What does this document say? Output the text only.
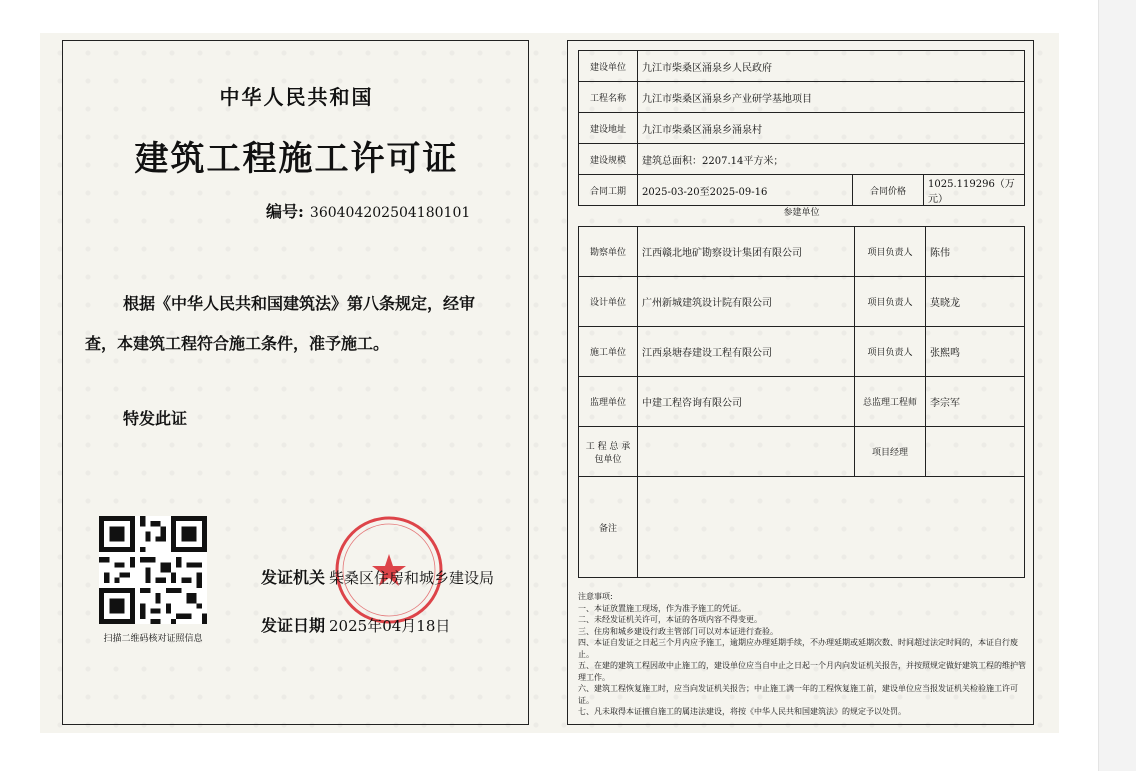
中华人民共和国
建筑工程施工许可证
编号: 360404202504180101
根据《中华人民共和国建筑法》第八条规定，经审
查，本建筑工程符合施工条件，准予施工。
特发此证
扫描二维码核对证照信息
发证机关 柴桑区住房和城乡建设局
发证日期 2025年04月18日
建设单位	九江市柴桑区涌泉乡人民政府		
工程名称	九江市柴桑区涌泉乡产业研学基地项目		
建设地址	九江市柴桑区涌泉乡涌泉村		
建设规模	建筑总面积：2207.14平方米；		
合同工期	2025-03-20至2025-09-16	合同价格	1025.119296（万元）
参建单位
勘察单位	江西赣北地矿勘察设计集团有限公司	项目负责人	陈伟
设计单位	广州新城建筑设计院有限公司	项目负责人	莫晓龙
施工单位	江西泉塘春建设工程有限公司	项目负责人	张熙鸣
监理单位	中建工程咨询有限公司	总监理工程师	李宗军
工 程 总 承包单位		项目经理	
备注			
注意事项:
一、本证放置施工现场，作为准予施工的凭证。
二、未经发证机关许可，本证的各项内容不得变更。
三、住房和城乡建设行政主管部门可以对本证进行查验。
四、本证自发证之日起三个月内应予施工，逾期应办理延期手续，不办理延期或延期次数、时间超过法定时间的，本证自行废止。
五、在建的建筑工程因故中止施工的，建设单位应当自中止之日起一个月内向发证机关报告，并按照规定做好建筑工程的维护管理工作。
六、建筑工程恢复施工时，应当向发证机关报告；中止施工满一年的工程恢复施工前，建设单位应当报发证机关检验施工许可证。
七、凡未取得本证擅自施工的属违法建设，将按《中华人民共和国建筑法》的规定予以处罚。
